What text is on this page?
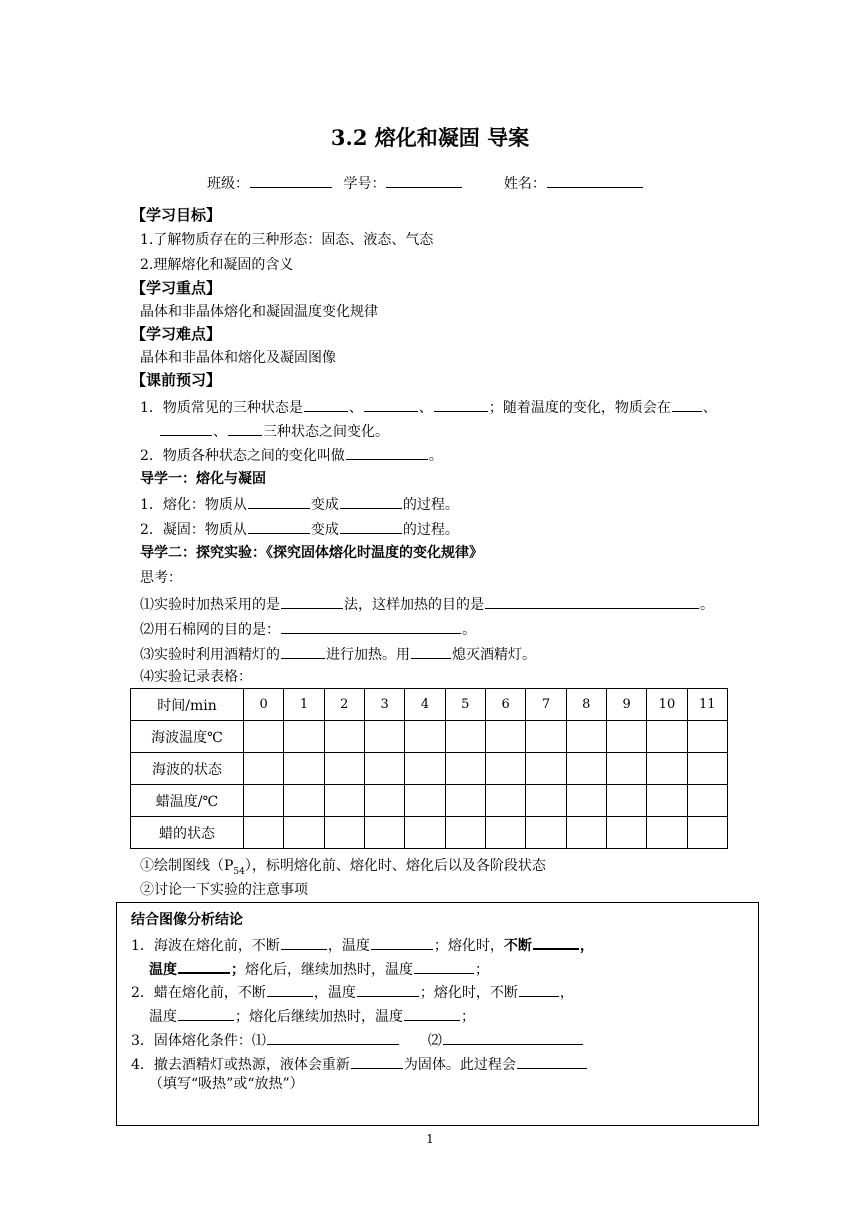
3.2 熔化和凝固 导案
班级：	学号：	姓名：
【学习目标】
1.了解物质存在的三种形态：固态、液态、气态
2.理解熔化和凝固的含义
【学习重点】
晶体和非晶体熔化和凝固温度变化规律
【学习难点】
晶体和非晶体和熔化及凝固图像
【课前预习】
1．物质常见的三种状态是	、	、	；随着温度的变化，物质会在 、
、	三种状态之间变化。
2．物质各种状态之间的变化叫做	。
导学一：熔化与凝固
1．熔化：物质从	变成	的过程。
2．凝固：物质从	变成	的过程。
导学二：探究实验：《探究固体熔化时温度的变化规律》
思考：
⑴实验时加热采用的是	法，这样加热的目的是	。
⑵用石棉网的目的是：	。
⑶实验时利用酒精灯的	进行加热。用	熄灭酒精灯。
⑷实验记录表格：
时间/min	0	1	2	3	4	5	6	7	8	9	10	11
海波温度℃												
海波的状态												
蜡温度/℃												
蜡的状态												
①绘制图线$(P_{54})$，标明熔化前、熔化时、熔化后以及各阶段状态
②讨论一下实验的注意事项
结合图像分析结论
1．海波在熔化前，不断	，温度	；熔化时，不断	，
温度	；熔化后，继续加热时，温度	；
2．蜡在熔化前，不断	，温度	；熔化时，不断	，
温度	；熔化后继续加热时，温度	；
3．固体熔化条件：⑴	⑵
4．撤去酒精灯或热源，液体会重新	为固体。此过程会
（填写“吸热”或“放热”）
1
